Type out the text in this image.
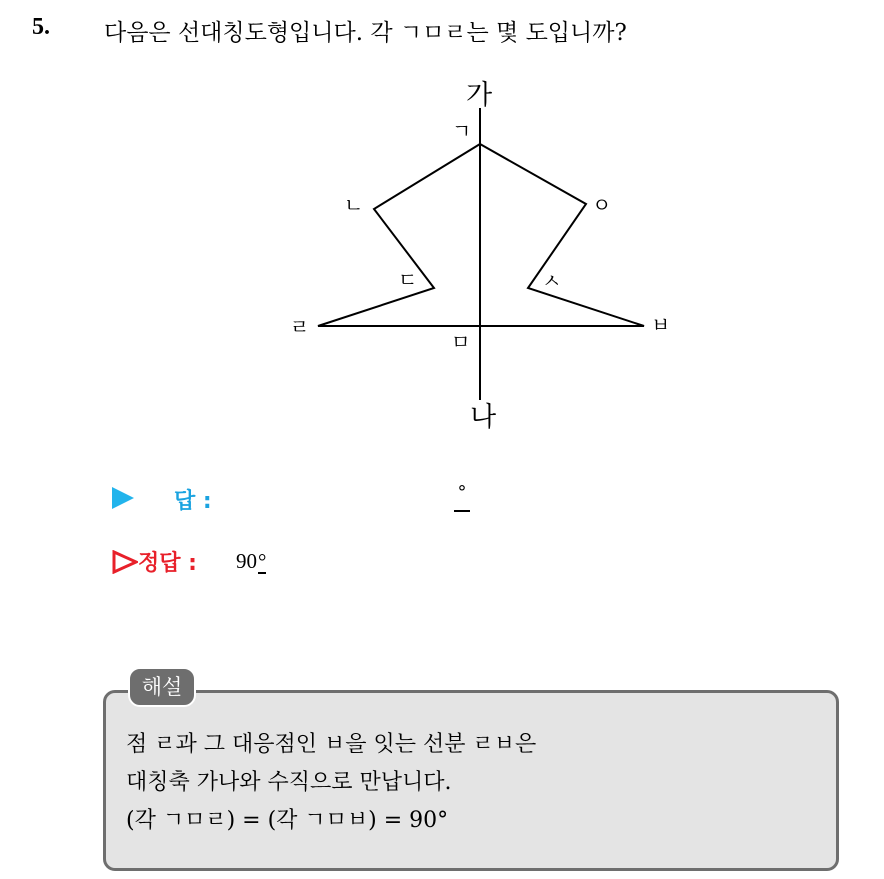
5. 다음은 선대칭도형입니다. 각 ㄱㅁㄹ는 몇 도입니까?
가
나
ㄱ
ㄴ
ㄷ
ㄹ
ㅁ
ㅂ
ㅅ
ㅇ
답 :	°
정답 : 90°
해설
점 ㄹ과 그 대응점인 ㅂ을 잇는 선분 ㄹㅂ은
대칭축 가나와 수직으로 만납니다.
(각 ㄱㅁㄹ) = (각 ㄱㅁㅂ) = 90°
